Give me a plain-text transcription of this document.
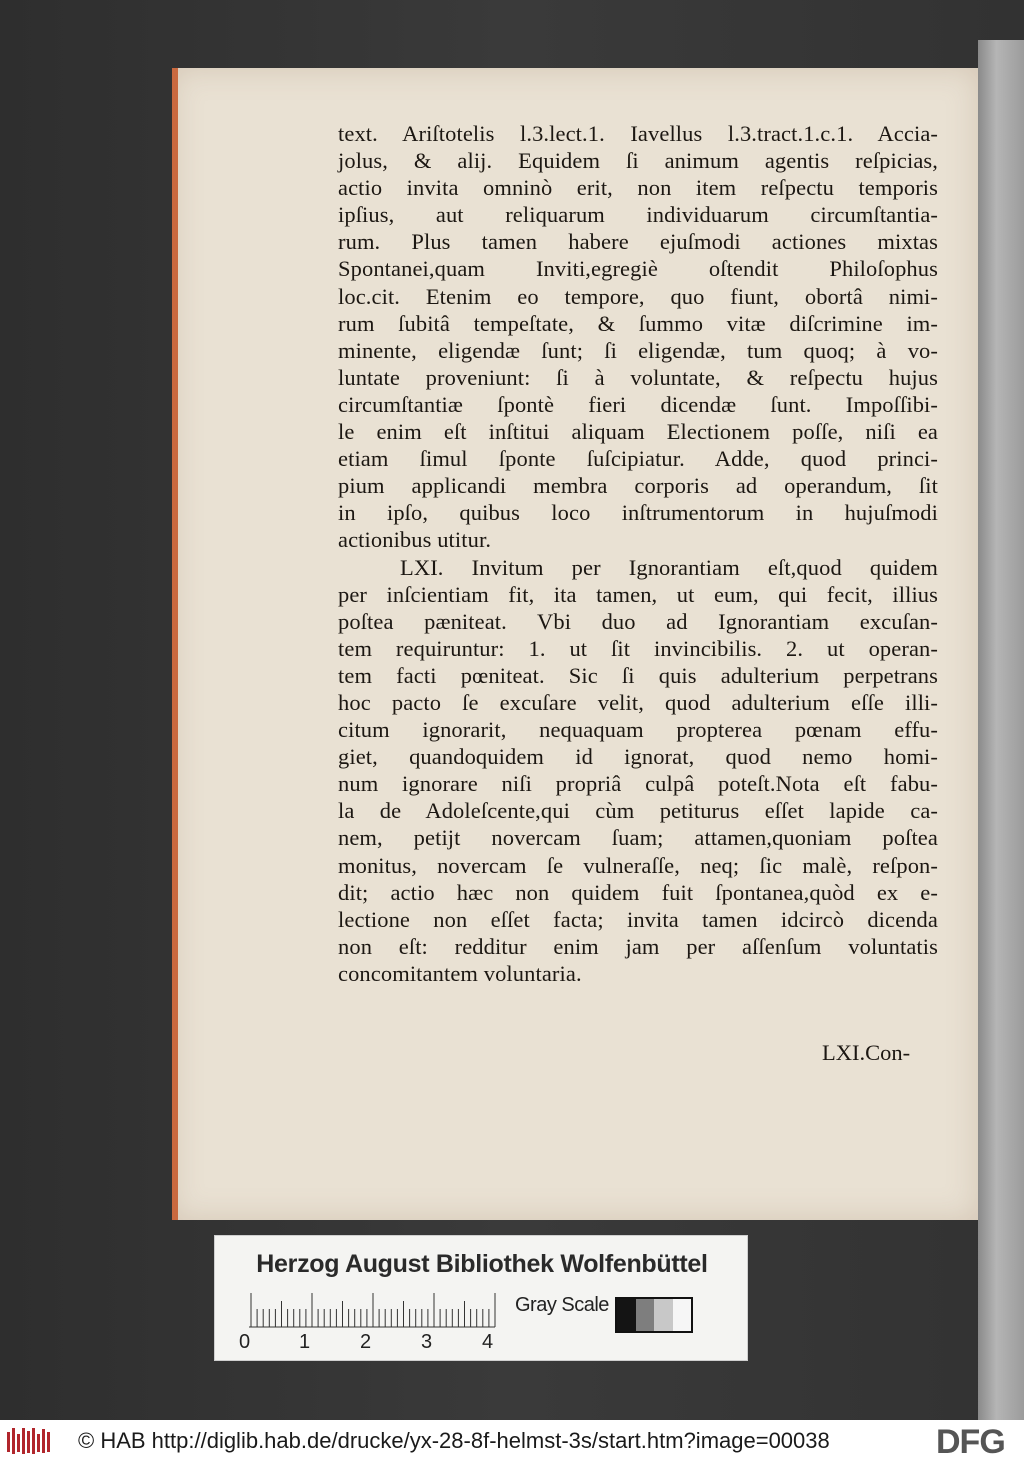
text. Ariſtotelis l.3.lect.1. Iavellus l.3.tract.1.c.1. Accia-
jolus, & alij. Equidem ſi animum agentis reſpicias,
actio invita omninò erit, non item reſpectu temporis
ipſius, aut reliquarum individuarum circumſtantia-
rum. Plus tamen habere ejuſmodi actiones mixtas
Spontanei,quam Inviti,egregiè oſtendit Philoſophus
loc.cit. Etenim eo tempore, quo fiunt, obortâ nimi-
rum ſubitâ tempeſtate, & ſummo vitæ diſcrimine im-
minente, eligendæ ſunt; ſi eligendæ, tum quoq; à vo-
luntate proveniunt: ſi à voluntate, & reſpectu hujus
circumſtantiæ ſpontè fieri dicendæ ſunt. Impoſſibi-
le enim eſt inſtitui aliquam Electionem poſſe, niſi ea
etiam ſimul ſponte ſuſcipiatur. Adde, quod princi-
pium applicandi membra corporis ad operandum, ſit
in ipſo, quibus loco inſtrumentorum in hujuſmodi
actionibus utitur.
LXI. Invitum per Ignorantiam eſt,quod quidem
per inſcientiam fit, ita tamen, ut eum, qui fecit, illius
poſtea pæniteat. Vbi duo ad Ignorantiam excuſan-
tem requiruntur: 1. ut ſit invincibilis. 2. ut operan-
tem facti pœniteat. Sic ſi quis adulterium perpetrans
hoc pacto ſe excuſare velit, quod adulterium eſſe illi-
citum ignorarit, nequaquam propterea pœnam effu-
giet, quandoquidem id ignorat, quod nemo homi-
num ignorare niſi propriâ culpâ poteſt.Nota eſt fabu-
la de Adoleſcente,qui cùm petiturus eſſet lapide ca-
nem, petijt novercam ſuam; attamen,quoniam poſtea
monitus, novercam ſe vulneraſſe, neq; ſic malè, reſpon-
dit; actio hæc non quidem fuit ſpontanea,quòd ex e-
lectione non eſſet facta; invita tamen idcircò dicenda
non eſt: redditur enim jam per aſſenſum voluntatis
concomitantem voluntaria.
LXI.Con-
Herzog August Bibliothek Wolfenbüttel
0 1 2 3 4
Gray Scale
© HAB http://diglib.hab.de/drucke/yx-28-8f-helmst-3s/start.htm?image=00038	DFG
